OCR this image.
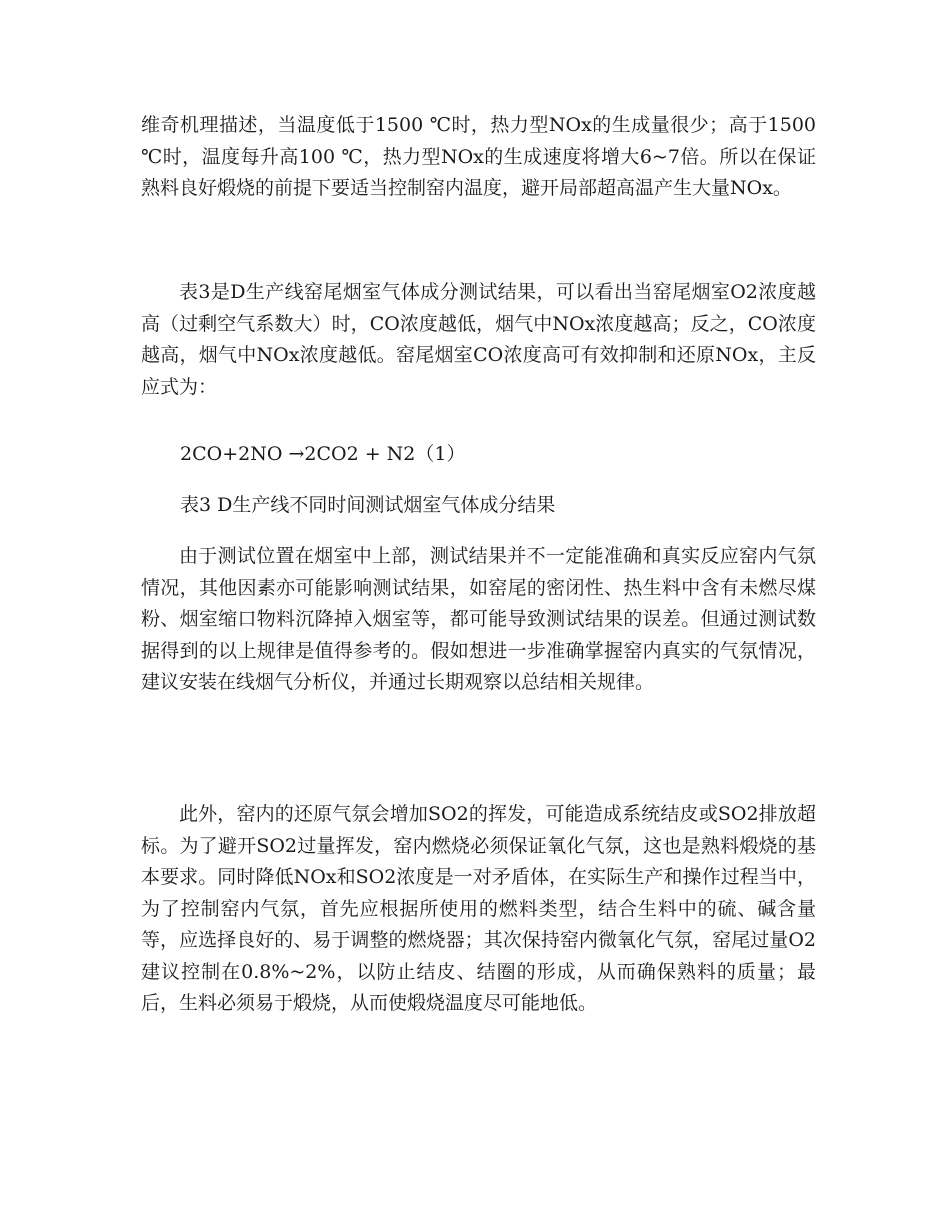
维奇机理描述，当温度低于1500 ℃时，热力型NOx的生成量很少；高于1500 ℃时，温度每升高100 ℃，热力型NOx的生成速度将增大6~7倍。所以在保证熟料良好煅烧的前提下要适当控制窑内温度，避开局部超高温产生大量NOx。

表3是D生产线窑尾烟室气体成分测试结果，可以看出当窑尾烟室O2浓度越高（过剩空气系数大）时，CO浓度越低，烟气中NOx浓度越高；反之，CO浓度越高，烟气中NOx浓度越低。窑尾烟室CO浓度高可有效抑制和还原NOx，主反应式为：

2CO+2NO →2CO2 + N2（1）

表3 D生产线不同时间测试烟室气体成分结果

由于测试位置在烟室中上部，测试结果并不一定能准确和真实反应窑内气氛情况，其他因素亦可能影响测试结果，如窑尾的密闭性、热生料中含有未燃尽煤粉、烟室缩口物料沉降掉入烟室等，都可能导致测试结果的误差。但通过测试数据得到的以上规律是值得参考的。假如想进一步准确掌握窑内真实的气氛情况，建议安装在线烟气分析仪，并通过长期观察以总结相关规律。

此外，窑内的还原气氛会增加SO2的挥发，可能造成系统结皮或SO2排放超标。为了避开SO2过量挥发，窑内燃烧必须保证氧化气氛，这也是熟料煅烧的基本要求。同时降低NOx和SO2浓度是一对矛盾体，在实际生产和操作过程当中，为了控制窑内气氛，首先应根据所使用的燃料类型，结合生料中的硫、碱含量等，应选择良好的、易于调整的燃烧器；其次保持窑内微氧化气氛，窑尾过量O2建议控制在0.8%~2%，以防止结皮、结圈的形成，从而确保熟料的质量；最后，生料必须易于煅烧，从而使煅烧温度尽可能地低。
